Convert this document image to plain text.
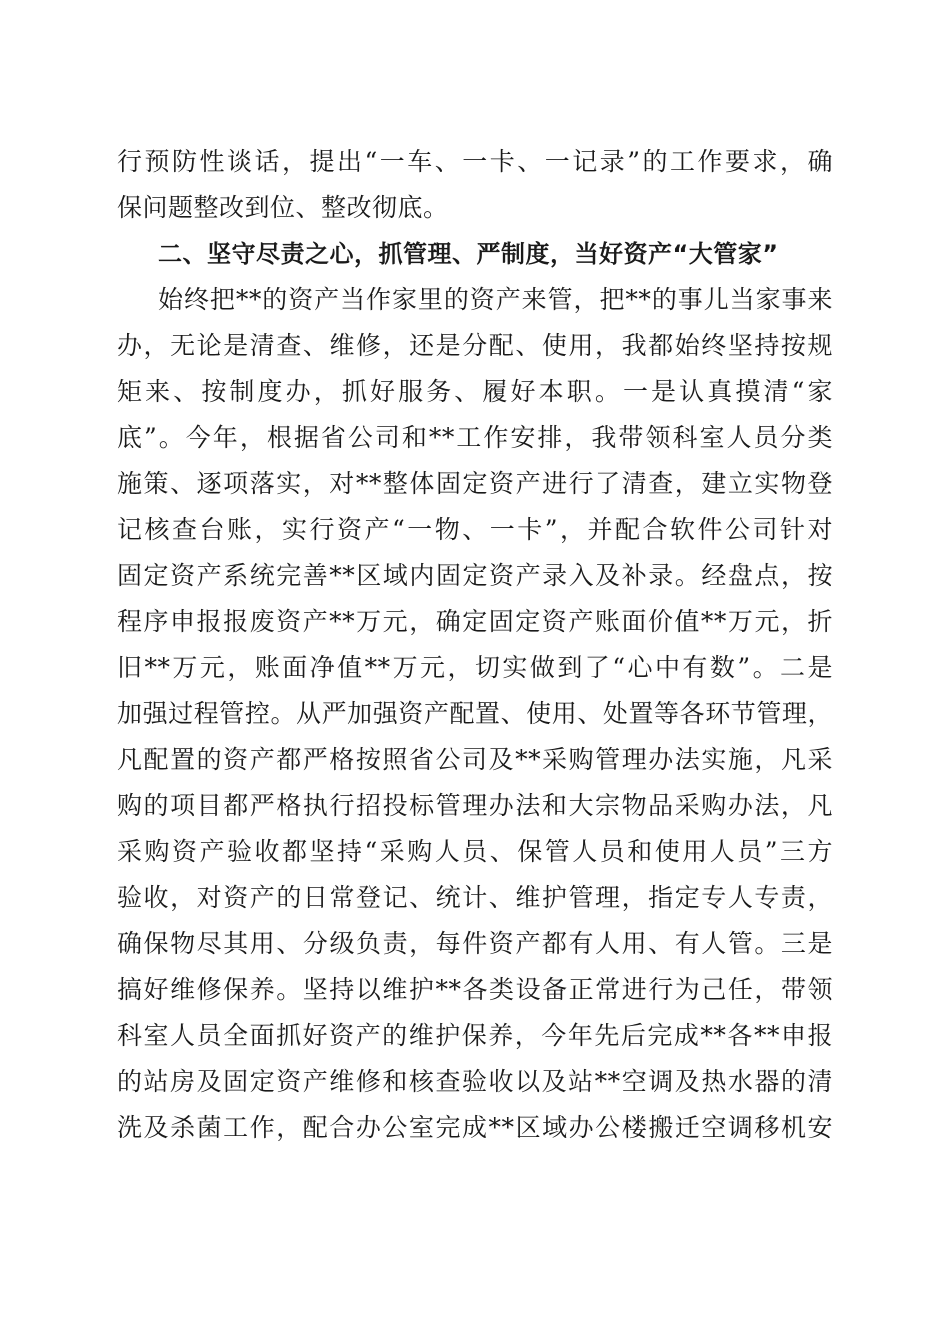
行预防性谈话，提出“一车、一卡、一记录”的工作要求，确
保问题整改到位、整改彻底。
二、坚守尽责之心，抓管理、严制度，当好资产“大管家”
始终把**的资产当作家里的资产来管，把**的事儿当家事来
办，无论是清查、维修，还是分配、使用，我都始终坚持按规
矩来、按制度办，抓好服务、履好本职。一是认真摸清“家
底”。今年，根据省公司和**工作安排，我带领科室人员分类
施策、逐项落实，对**整体固定资产进行了清查，建立实物登
记核查台账，实行资产“一物、一卡”，并配合软件公司针对
固定资产系统完善**区域内固定资产录入及补录。经盘点，按
程序申报报废资产**万元，确定固定资产账面价值**万元，折
旧**万元，账面净值**万元，切实做到了“心中有数”。二是
加强过程管控。从严加强资产配置、使用、处置等各环节管理，
凡配置的资产都严格按照省公司及**采购管理办法实施，凡采
购的项目都严格执行招投标管理办法和大宗物品采购办法，凡
采购资产验收都坚持“采购人员、保管人员和使用人员”三方
验收，对资产的日常登记、统计、维护管理，指定专人专责，
确保物尽其用、分级负责，每件资产都有人用、有人管。三是
搞好维修保养。坚持以维护**各类设备正常进行为己任，带领
科室人员全面抓好资产的维护保养，今年先后完成**各**申报
的站房及固定资产维修和核查验收以及站**空调及热水器的清
洗及杀菌工作，配合办公室完成**区域办公楼搬迁空调移机安
